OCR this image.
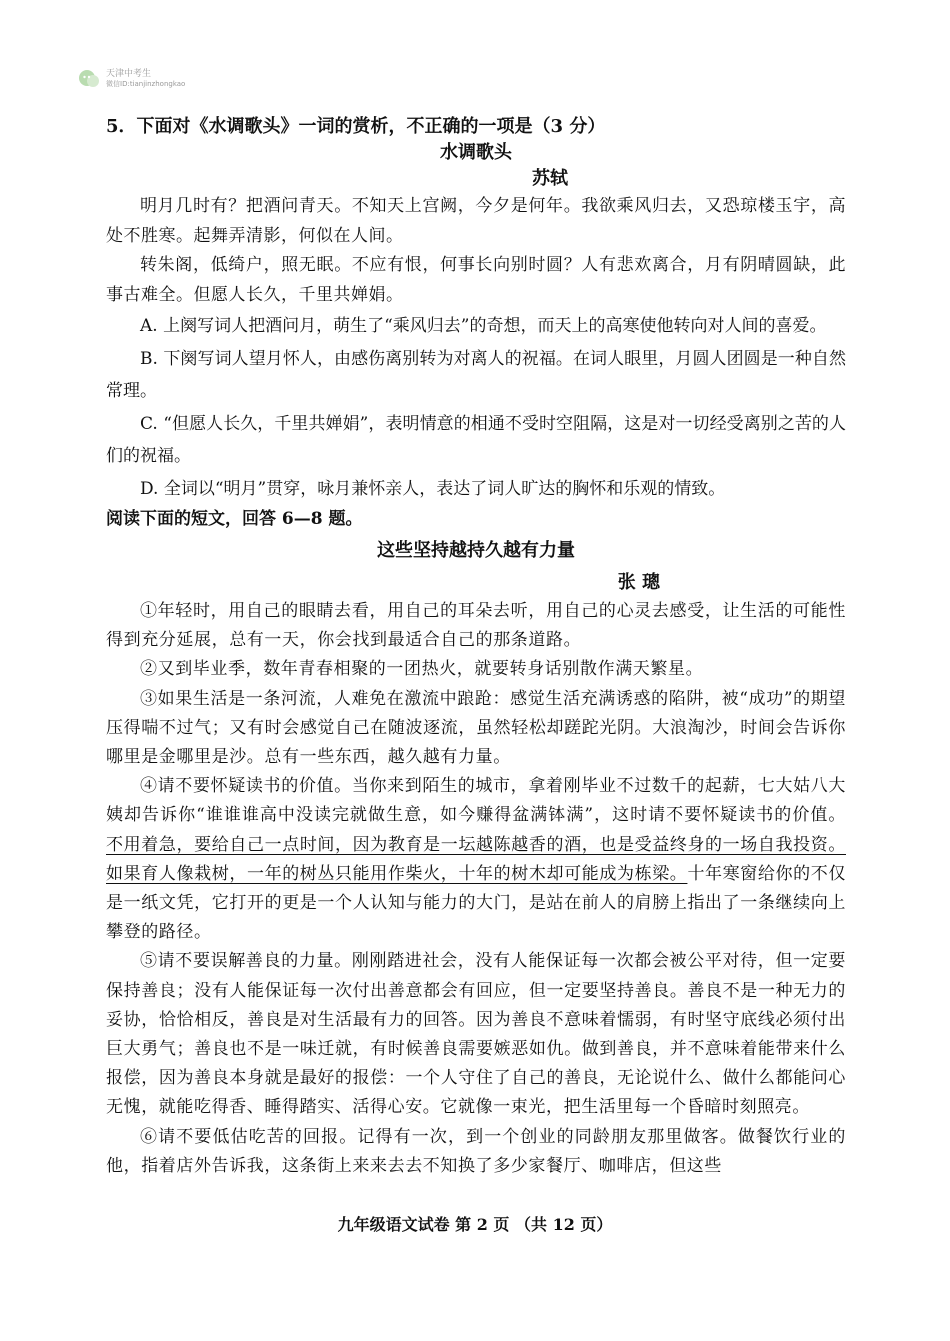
天津中考生
微信ID:tianjinzhongkao
5．下面对《水调歌头》一词的赏析，不正确的一项是（3 分）
水调歌头
苏轼

明月几时有？把酒问青天。不知天上宫阙，今夕是何年。我欲乘风归去，又恐琼楼玉宇，高处不胜寒。起舞弄清影，何似在人间。

转朱阁，低绮户，照无眠。不应有恨，何事长向别时圆？人有悲欢离合，月有阴晴圆缺，此事古难全。但愿人长久，千里共婵娟。

A. 上阕写词人把酒问月，萌生了“乘风归去”的奇想，而天上的高寒使他转向对人间的喜爱。

B. 下阕写词人望月怀人，由感伤离别转为对离人的祝福。在词人眼里，月圆人团圆是一种自然常理。

C. “但愿人长久，千里共婵娟”，表明情意的相通不受时空阻隔，这是对一切经受离别之苦的人们的祝福。

D. 全词以“明月”贯穿，咏月兼怀亲人，表达了词人旷达的胸怀和乐观的情致。

阅读下面的短文，回答 6—8 题。
这些坚持越持久越有力量
张 璁

①年轻时，用自己的眼睛去看，用自己的耳朵去听，用自己的心灵去感受，让生活的可能性得到充分延展，总有一天，你会找到最适合自己的那条道路。

②又到毕业季，数年青春相聚的一团热火，就要转身话别散作满天繁星。

③如果生活是一条河流，人难免在激流中踉跄：感觉生活充满诱惑的陷阱，被“成功”的期望压得喘不过气；又有时会感觉自己在随波逐流，虽然轻松却蹉跎光阴。大浪淘沙，时间会告诉你哪里是金哪里是沙。总有一些东西，越久越有力量。

④请不要怀疑读书的价值。当你来到陌生的城市，拿着刚毕业不过数千的起薪，七大姑八大姨却告诉你“谁谁谁高中没读完就做生意，如今赚得盆满钵满”，这时请不要怀疑读书的价值。不用着急，要给自己一点时间，因为教育是一坛越陈越香的酒，也是受益终身的一场自我投资。如果育人像栽树，一年的树丛只能用作柴火，十年的树木却可能成为栋梁。十年寒窗给你的不仅是一纸文凭，它打开的更是一个人认知与能力的大门，是站在前人的肩膀上指出了一条继续向上攀登的路径。

⑤请不要误解善良的力量。刚刚踏进社会，没有人能保证每一次都会被公平对待，但一定要保持善良；没有人能保证每一次付出善意都会有回应，但一定要坚持善良。善良不是一种无力的妥协，恰恰相反，善良是对生活最有力的回答。因为善良不意味着懦弱，有时坚守底线必须付出巨大勇气；善良也不是一味迁就，有时候善良需要嫉恶如仇。做到善良，并不意味着能带来什么报偿，因为善良本身就是最好的报偿：一个人守住了自己的善良，无论说什么、做什么都能问心无愧，就能吃得香、睡得踏实、活得心安。它就像一束光，把生活里每一个昏暗时刻照亮。

⑥请不要低估吃苦的回报。记得有一次，到一个创业的同龄朋友那里做客。做餐饮行业的他，指着店外告诉我，这条街上来来去去不知换了多少家餐厅、咖啡店，但这些

九年级语文试卷 第 2 页 （共 12 页）
